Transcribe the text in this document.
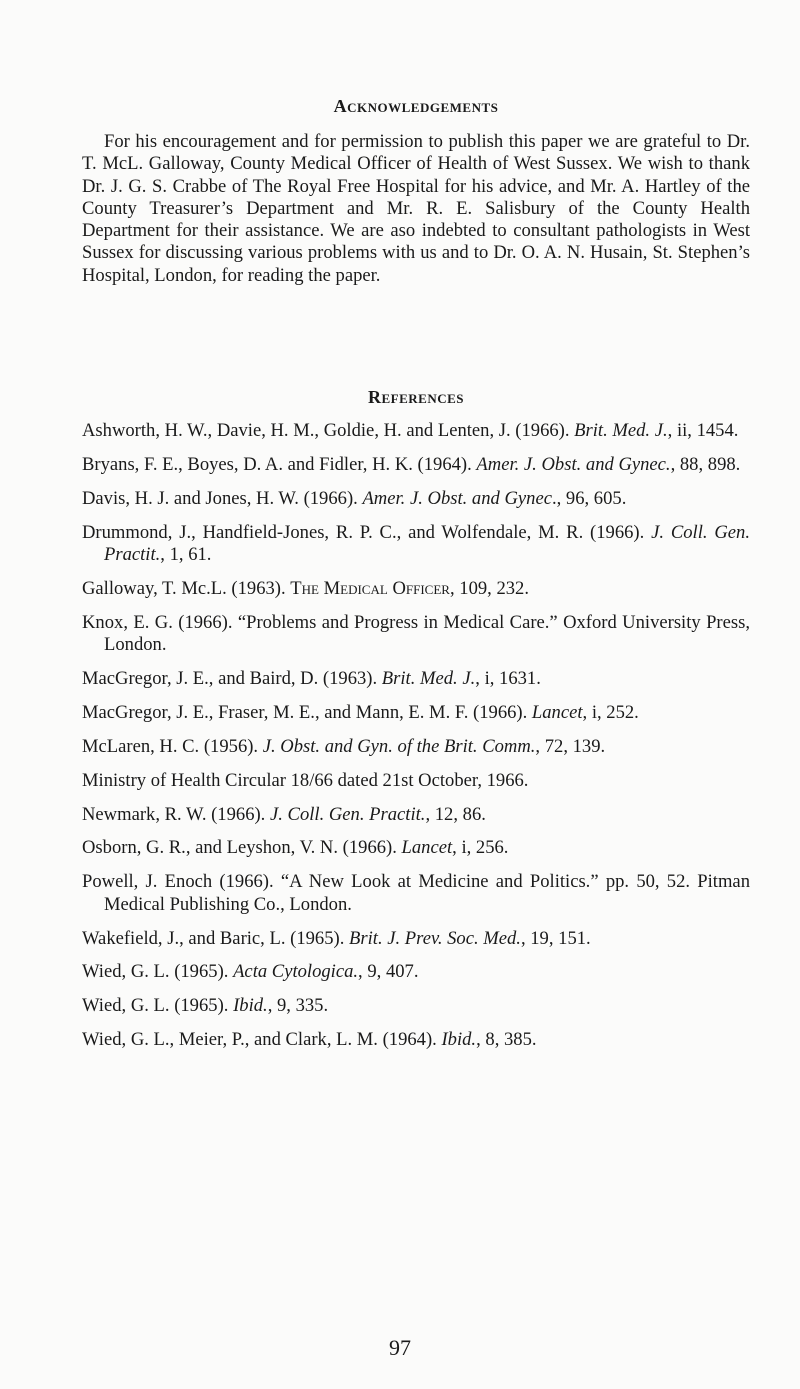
Acknowledgements

For his encouragement and for permission to publish this paper we are grateful to Dr. T. McL. Galloway, County Medical Officer of Health of West Sussex. We wish to thank Dr. J. G. S. Crabbe of The Royal Free Hospital for his advice, and Mr. A. Hartley of the County Treasurer’s Department and Mr. R. E. Salisbury of the County Health Department for their assistance. We are aso indebted to consultant pathologists in West Sussex for discussing various problems with us and to Dr. O. A. N. Husain, St. Stephen’s Hospital, London, for reading the paper.

References
Ashworth, H. W., Davie, H. M., Goldie, H. and Lenten, J. (1966). Brit. Med. J., ii, 1454.
Bryans, F. E., Boyes, D. A. and Fidler, H. K. (1964). Amer. J. Obst. and Gynec., 88, 898.
Davis, H. J. and Jones, H. W. (1966). Amer. J. Obst. and Gynec., 96, 605.
Drummond, J., Handfield-Jones, R. P. C., and Wolfendale, M. R. (1966). J. Coll. Gen. Practit., 1, 61.
Galloway, T. Mc.L. (1963). The Medical Officer, 109, 232.
Knox, E. G. (1966). “Problems and Progress in Medical Care.” Oxford University Press, London.
MacGregor, J. E., and Baird, D. (1963). Brit. Med. J., i, 1631.
MacGregor, J. E., Fraser, M. E., and Mann, E. M. F. (1966). Lancet, i, 252.
McLaren, H. C. (1956). J. Obst. and Gyn. of the Brit. Comm., 72, 139.
Ministry of Health Circular 18/66 dated 21st October, 1966.
Newmark, R. W. (1966). J. Coll. Gen. Practit., 12, 86.
Osborn, G. R., and Leyshon, V. N. (1966). Lancet, i, 256.
Powell, J. Enoch (1966). “A New Look at Medicine and Politics.” pp. 50, 52. Pitman Medical Publishing Co., London.
Wakefield, J., and Baric, L. (1965). Brit. J. Prev. Soc. Med., 19, 151.
Wied, G. L. (1965). Acta Cytologica., 9, 407.
Wied, G. L. (1965). Ibid., 9, 335.
Wied, G. L., Meier, P., and Clark, L. M. (1964). Ibid., 8, 385.
97
